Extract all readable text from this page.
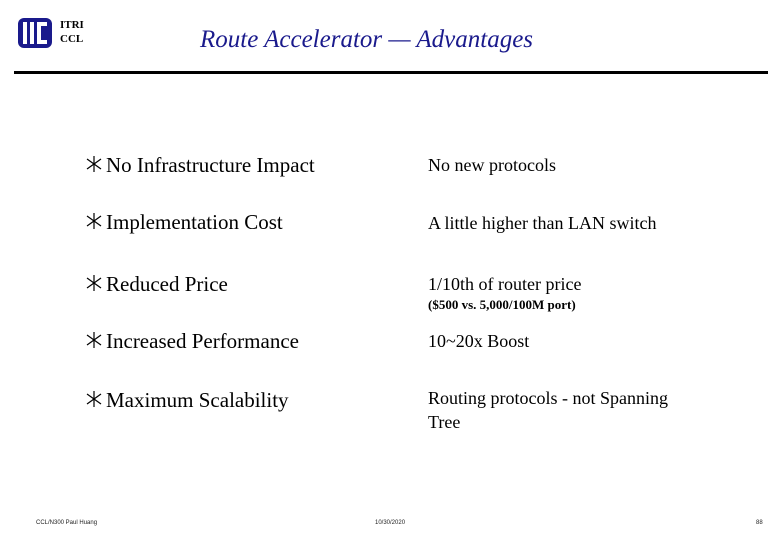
ITRI
CCL	Route Accelerator — Advantages
No Infrastructure Impact	No new protocols
Implementation Cost	A little higher than LAN switch
Reduced Price	1/10th of router price
($500 vs. 5,000/100M port)
Increased Performance	10~20x Boost
Maximum Scalability	Routing protocols - not Spanning
Tree
CCL/N300 Paul Huang	10/30/2020	88
